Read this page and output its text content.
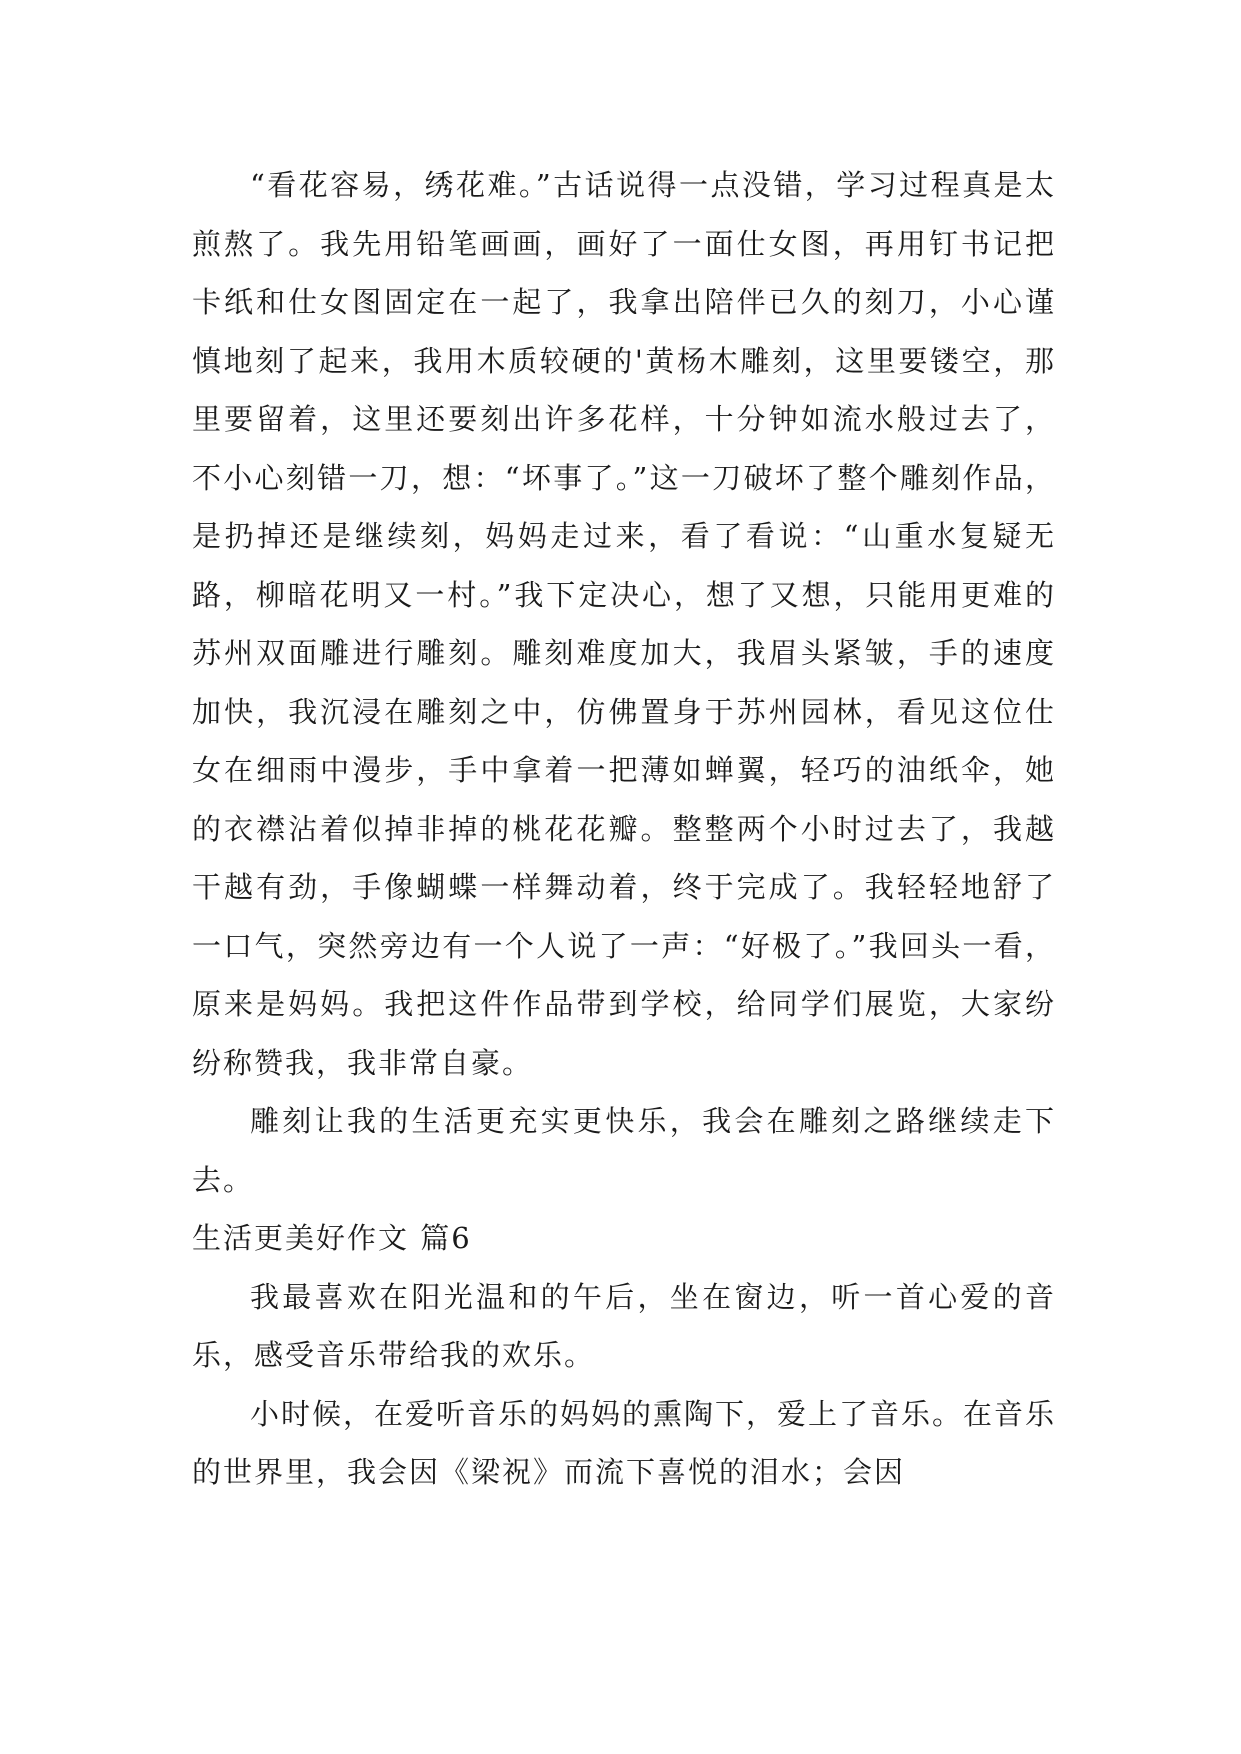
“看花容易，绣花难。”古话说得一点没错，学习过程真是太煎熬了。我先用铅笔画画，画好了一面仕女图，再用钉书记把卡纸和仕女图固定在一起了，我拿出陪伴已久的刻刀，小心谨慎地刻了起来，我用木质较硬的'黄杨木雕刻，这里要镂空，那里要留着，这里还要刻出许多花样，十分钟如流水般过去了，不小心刻错一刀，想：“坏事了。”这一刀破坏了整个雕刻作品，是扔掉还是继续刻，妈妈走过来，看了看说：“山重水复疑无路，柳暗花明又一村。”我下定决心，想了又想，只能用更难的苏州双面雕进行雕刻。雕刻难度加大，我眉头紧皱，手的速度加快，我沉浸在雕刻之中，仿佛置身于苏州园林，看见这位仕女在细雨中漫步，手中拿着一把薄如蝉翼，轻巧的油纸伞，她的衣襟沾着似掉非掉的桃花花瓣。整整两个小时过去了，我越干越有劲，手像蝴蝶一样舞动着，终于完成了。我轻轻地舒了一口气，突然旁边有一个人说了一声：“好极了。”我回头一看，原来是妈妈。我把这件作品带到学校，给同学们展览，大家纷纷称赞我，我非常自豪。

雕刻让我的生活更充实更快乐，我会在雕刻之路继续走下去。

生活更美好作文 篇6

我最喜欢在阳光温和的午后，坐在窗边，听一首心爱的音乐，感受音乐带给我的欢乐。

小时候，在爱听音乐的妈妈的熏陶下，爱上了音乐。在音乐的世界里，我会因《梁祝》而流下喜悦的泪水；会因
